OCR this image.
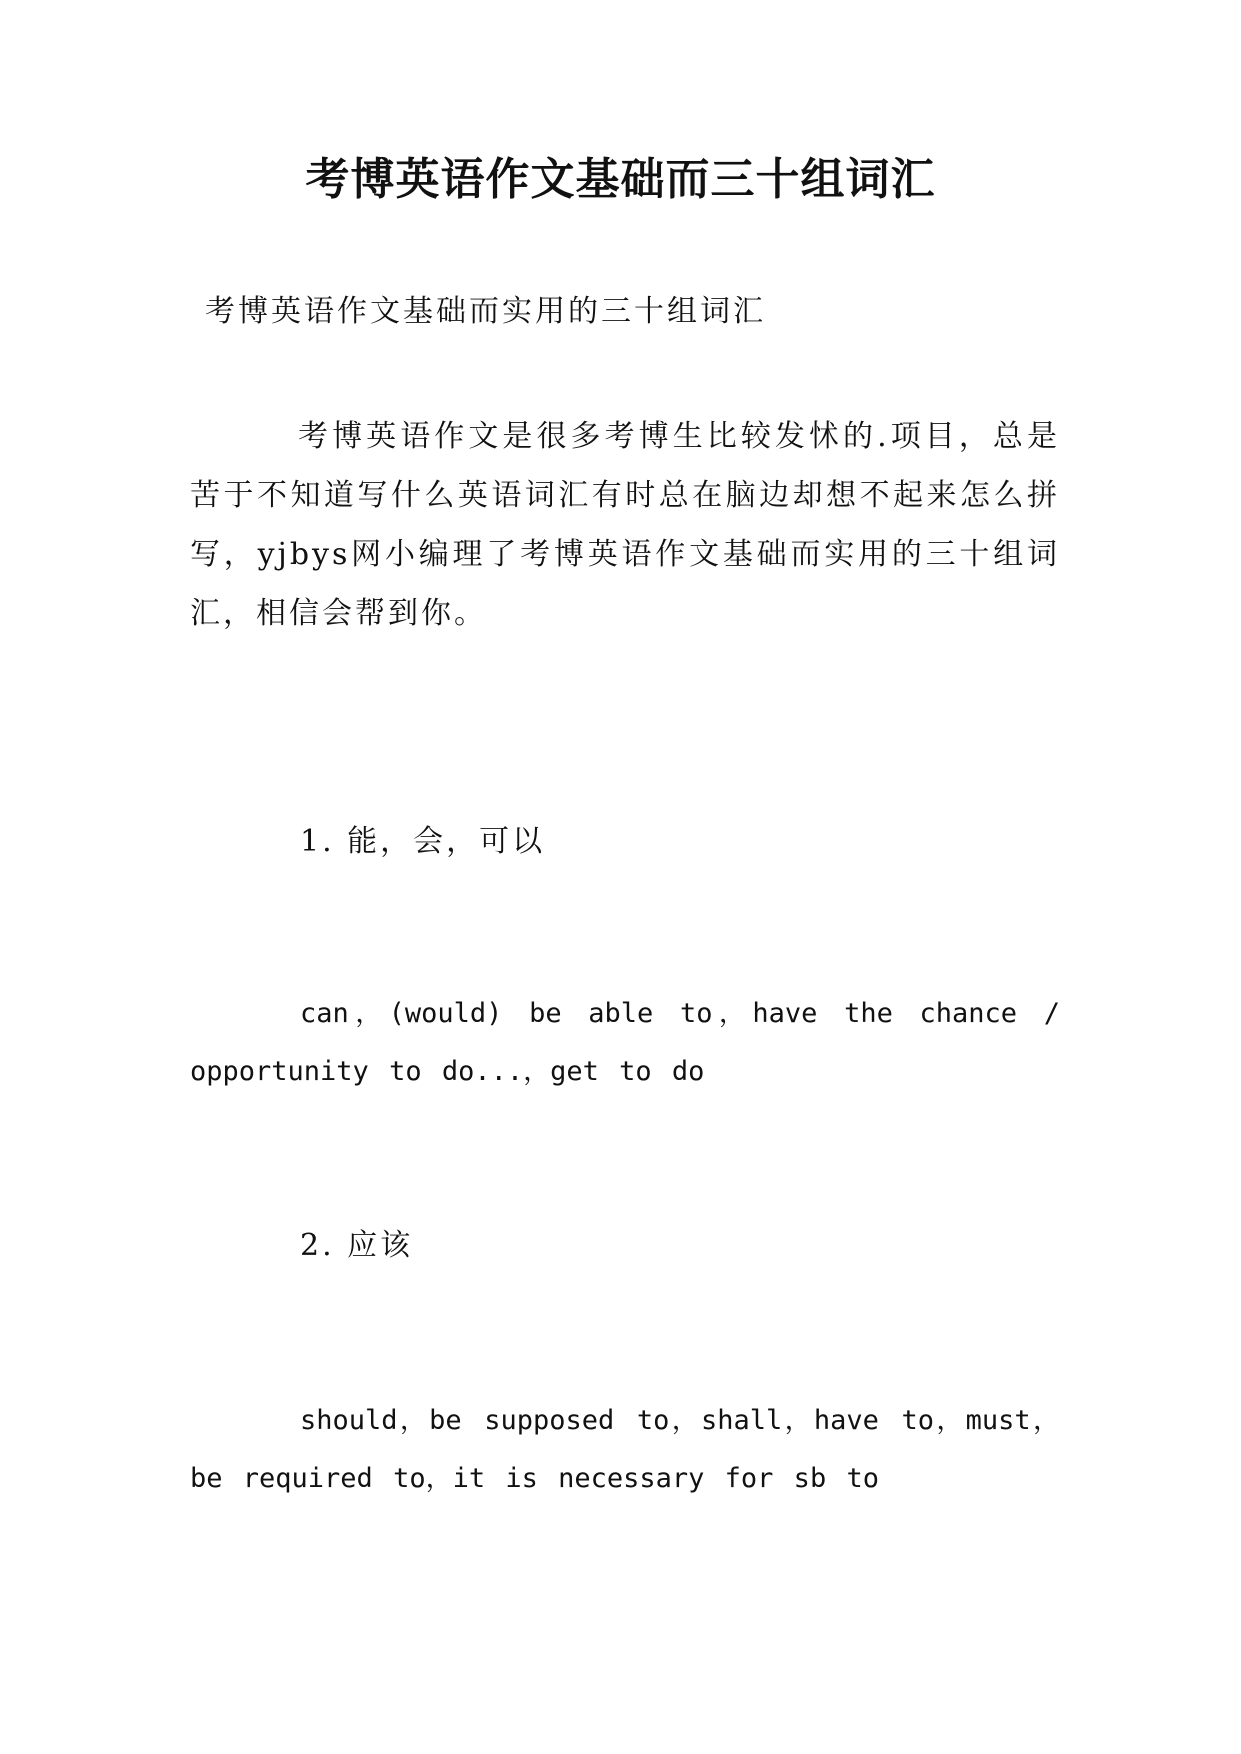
考博英语作文基础而三十组词汇
考博英语作文基础而实用的三十组词汇

考博英语作文是很多考博生比较发怵的.项目，总是苦于不知道写什么英语词汇有时总在脑边却想不起来怎么拼写，yjbys网小编理了考博英语作文基础而实用的三十组词汇，相信会帮到你。

1. 能，会，可以

can，(would) be able to，have the chance / opportunity to do...，get to do

2. 应该

should，be supposed to，shall，have to，must，be required to，it is necessary for sb to
